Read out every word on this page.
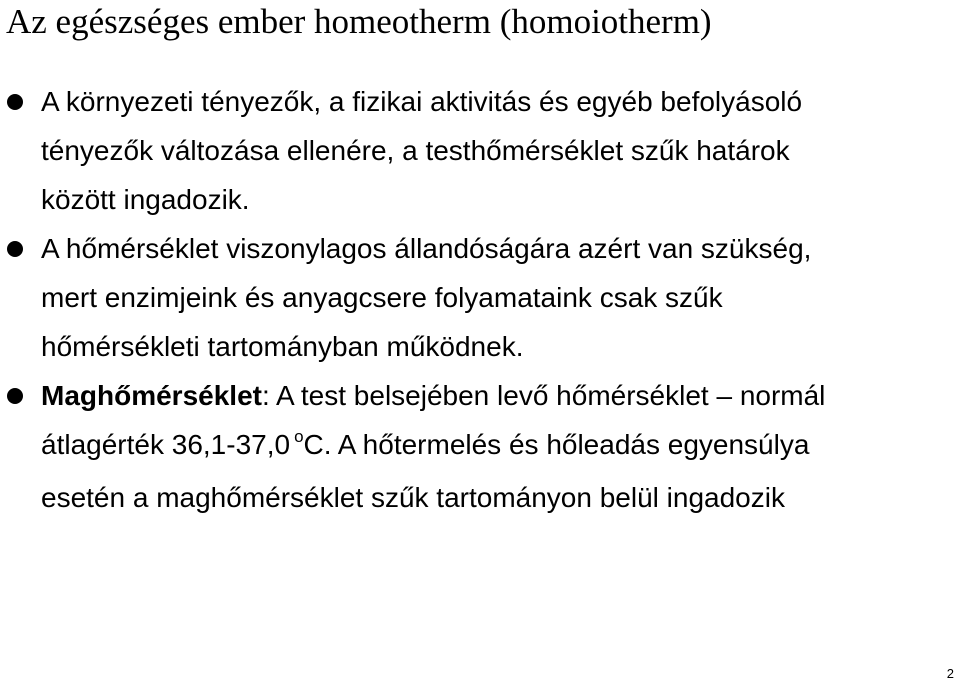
Az egészséges ember homeotherm (homoiotherm)
A környezeti tényezők, a fizikai aktivitás és egyéb befolyásoló
tényezők változása ellenére, a testhőmérséklet szűk határok
között ingadozik.
A hőmérséklet viszonylagos állandóságára azért van szükség,
mert enzimjeink és anyagcsere folyamataink csak szűk
hőmérsékleti tartományban működnek.
Maghőmérséklet: A test belsejében levő hőmérséklet – normál
átlagérték 36,1-37,0 $^o$C. A hőtermelés és hőleadás egyensúlya
esetén a maghőmérséklet szűk tartományon belül ingadozik
2
